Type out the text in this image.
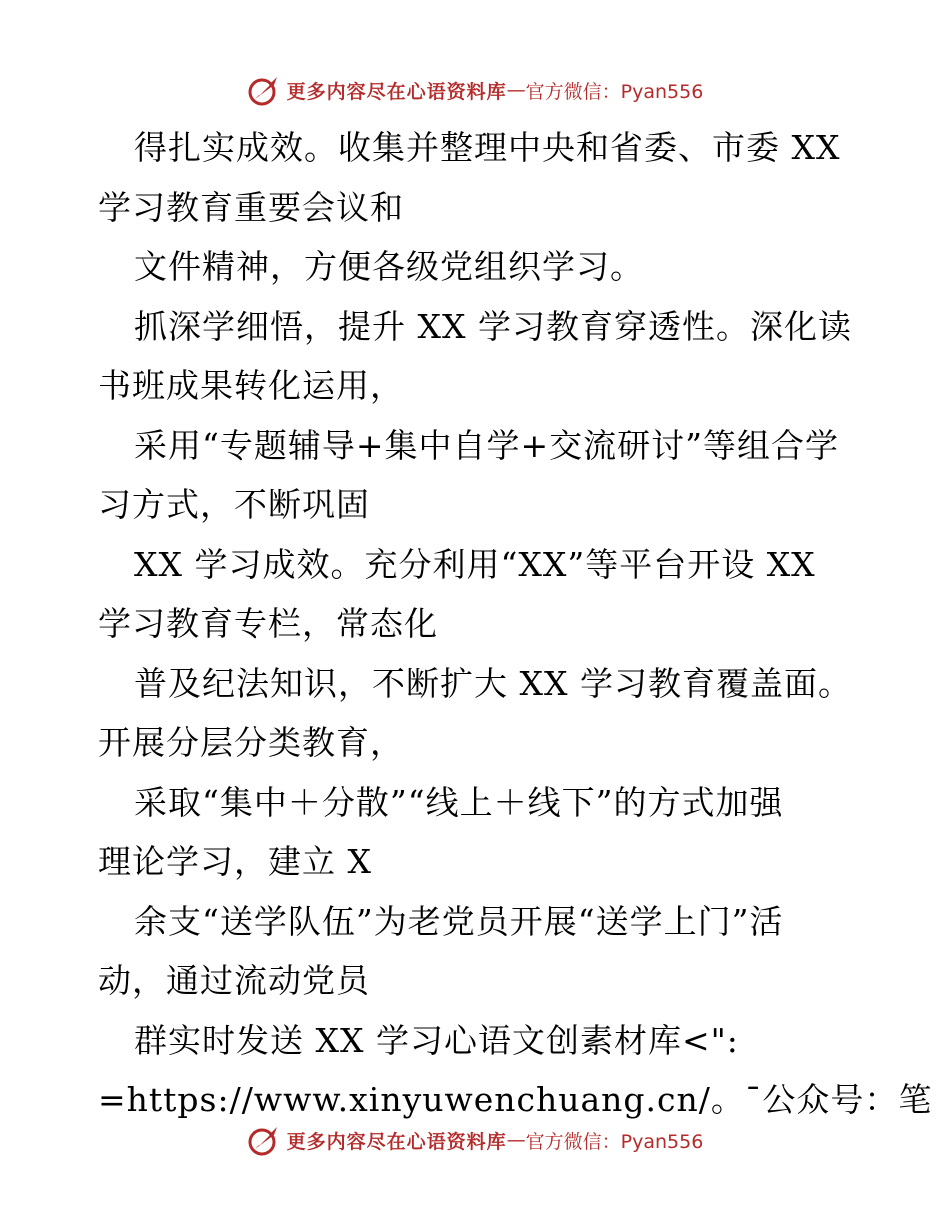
更多内容尽在心语资料库 — 官方微信：Pyan556

得扎实成效。收集并整理中央和省委、市委 XX

学习教育重要会议和

文件精神，方便各级党组织学习。

抓深学细悟，提升 XX 学习教育穿透性。深化读

书班成果转化运用，

采用“专题辅导+集中自学+交流研讨”等组合学

习方式，不断巩固

XX 学习成效。充分利用“XX”等平台开设 XX

学习教育专栏，常态化

普及纪法知识，不断扩大 XX 学习教育覆盖面。

开展分层分类教育，

采取“集中＋分散”“线上＋线下”的方式加强

理论学习，建立 X

余支“送学队伍”为老党员开展“送学上门”活

动，通过流动党员

群实时发送 XX 学习心语文创素材库<":

=https://www.xinyuwenchuang.cn/。¯公众号：笔

更多内容尽在心语资料库 — 官方微信：Pyan556
